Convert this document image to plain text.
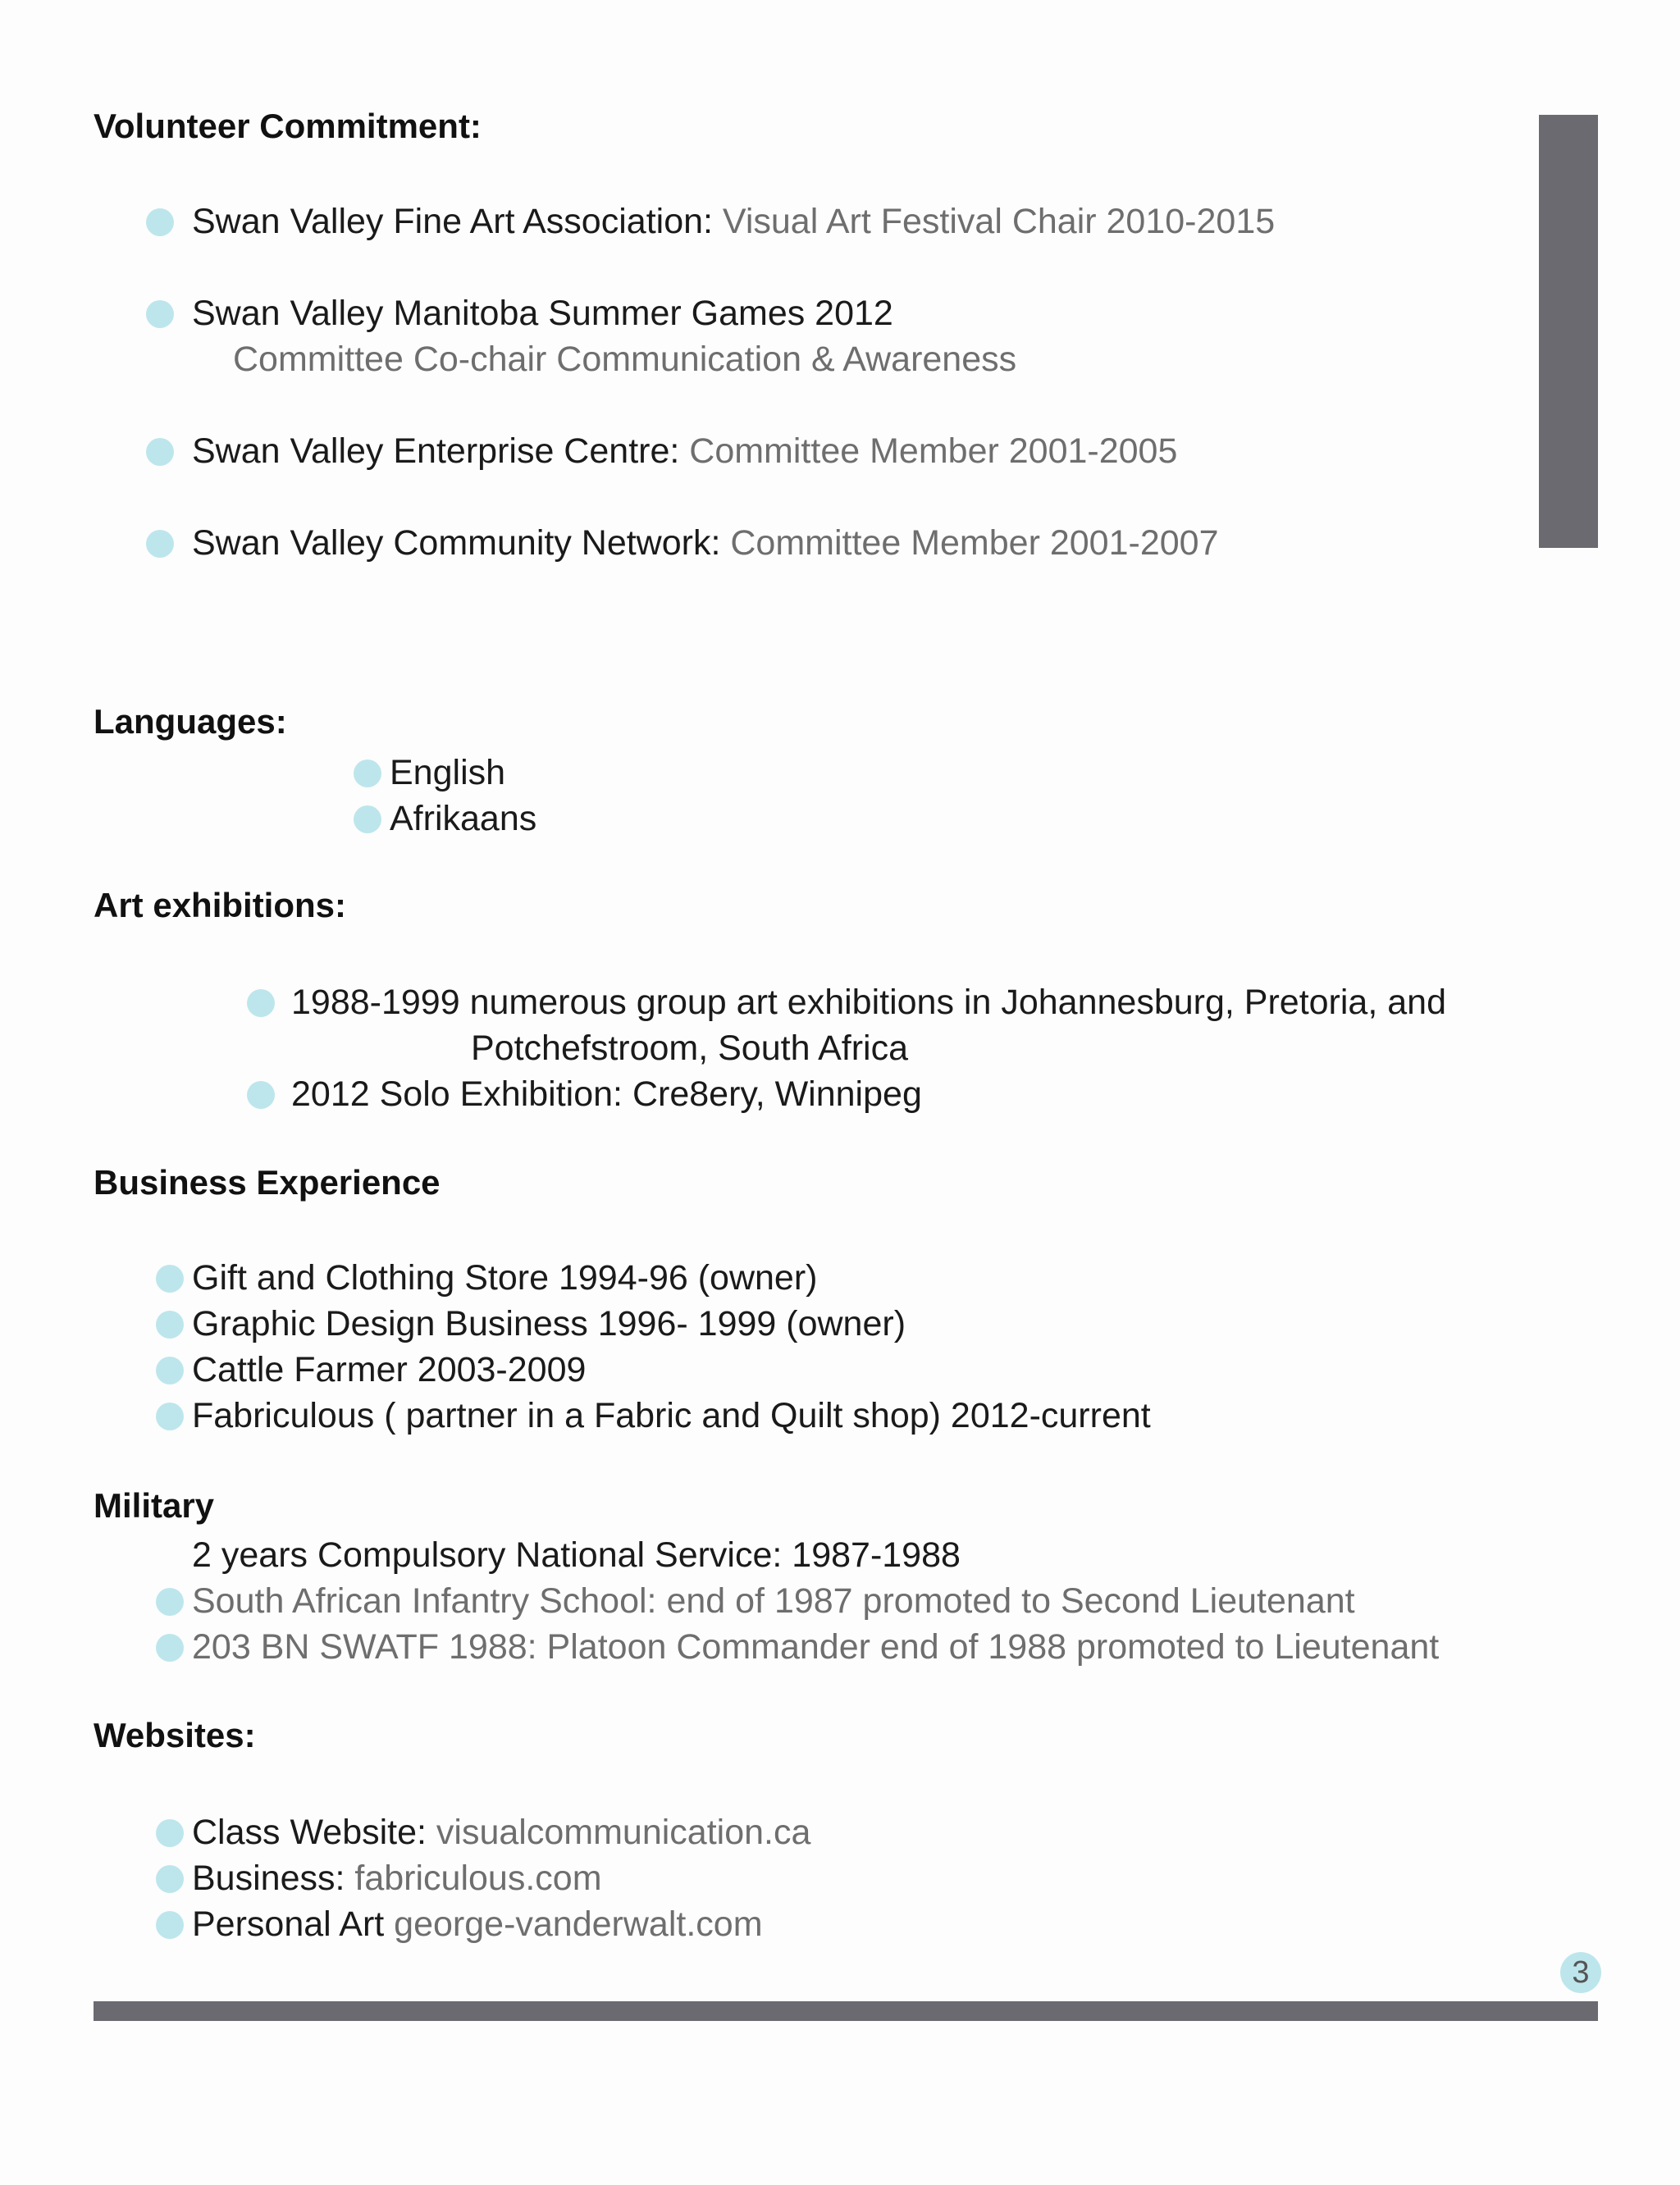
3
Volunteer Commitment:
Swan Valley Fine Art Association: Visual Art Festival Chair 2010-2015
Swan Valley Manitoba Summer Games 2012
Committee Co-chair Communication & Awareness
Swan Valley Enterprise Centre: Committee Member 2001-2005
Swan Valley Community Network: Committee Member 2001-2007
Languages:
English
Afrikaans
Art exhibitions:
1988-1999 numerous group art exhibitions in Johannesburg, Pretoria, and
Potchefstroom, South Africa
2012 Solo Exhibition: Cre8ery, Winnipeg
Business Experience
Gift and Clothing Store 1994-96 (owner)
Graphic Design Business 1996- 1999 (owner)
Cattle Farmer 2003-2009
Fabriculous ( partner in a Fabric and Quilt shop) 2012-current
Military
2 years Compulsory National Service: 1987-1988
South African Infantry School: end of 1987 promoted to Second Lieutenant
203 BN SWATF 1988: Platoon Commander end of 1988 promoted to Lieutenant
Websites:
Class Website: visualcommunication.ca
Business: fabriculous.com
Personal Art george-vanderwalt.com
